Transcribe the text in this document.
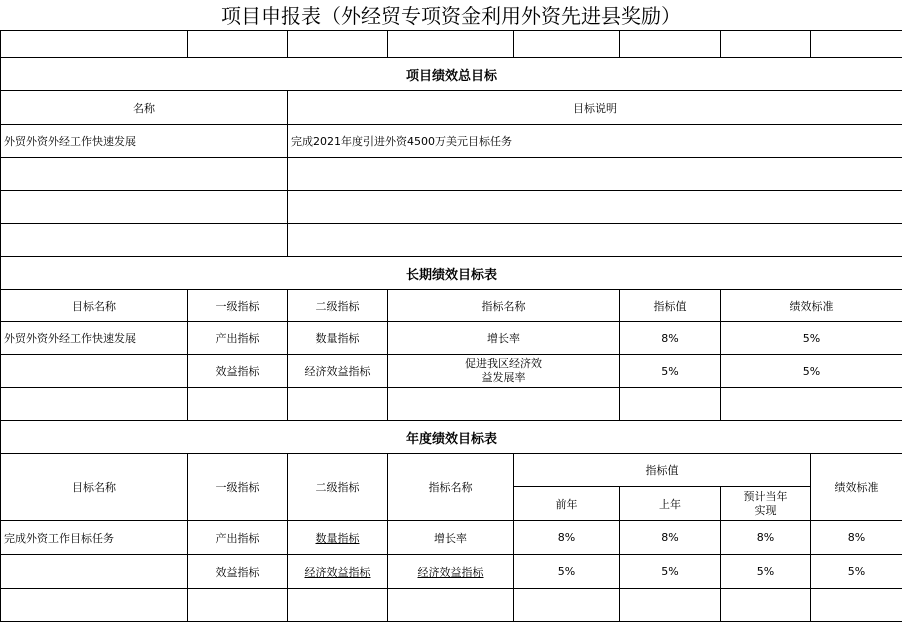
项目申报表（外经贸专项资金利用外资先进县奖励）

项目绩效总目标							
名称		目标说明					
外贸外资外经工作快速发展		完成2021年度引进外资4500万美元目标任务					

长期绩效目标表							
目标名称	一级指标	二级指标	指标名称		指标值	绩效标准	
外贸外资外经工作快速发展	产出指标	数量指标	增长率		8%	5%	
	效益指标	经济效益指标	促进我区经济效益发展率		5%	5%	

年度绩效目标表							
目标名称	一级指标	二级指标	指标名称	指标值			绩效标准
				前年	上年	预计当年实现	

完成外资工作目标任务	产出指标	数量指标	增长率	8%	8%	8%	8%
	效益指标	经济效益指标	经济效益指标	5%	5%	5%	5%
